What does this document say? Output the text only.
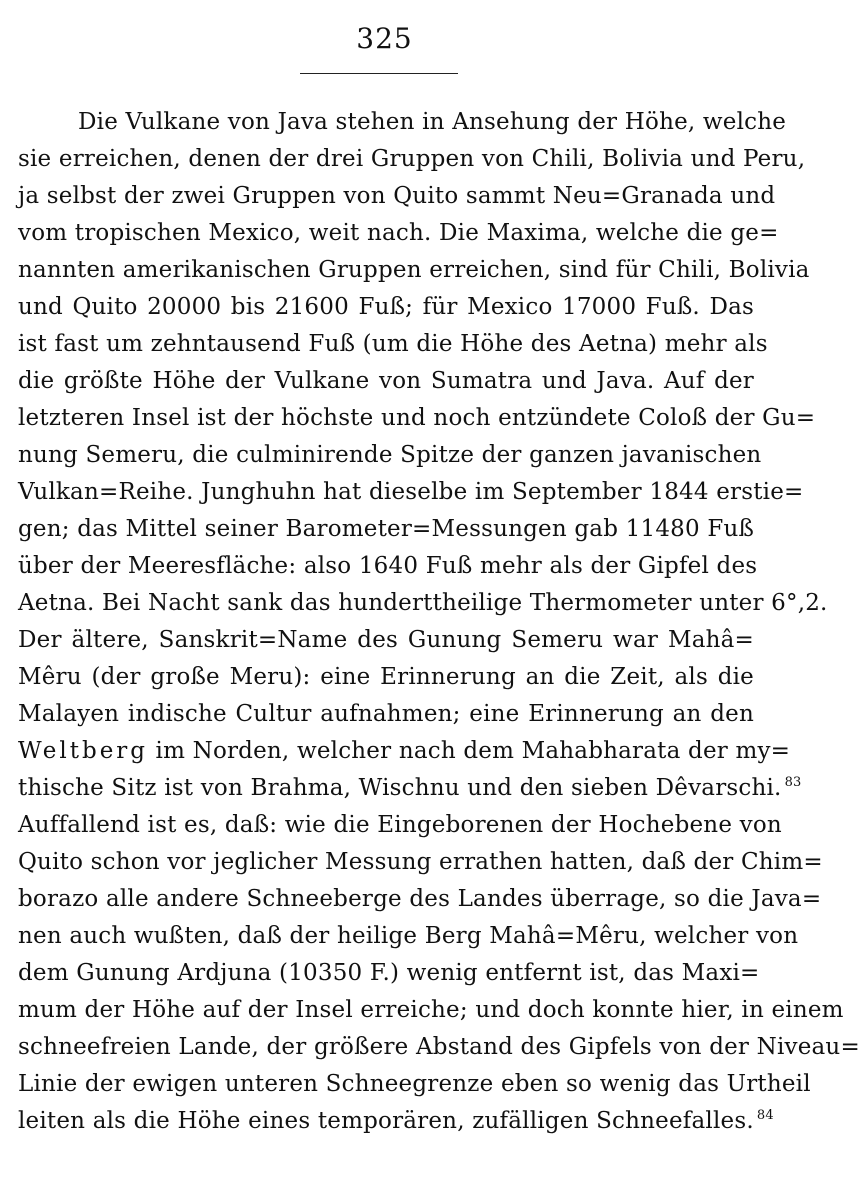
325
Die Vulkane von Java stehen in Ansehung der Höhe, welche
sie erreichen, denen der drei Gruppen von Chili, Bolivia und Peru,
ja selbst der zwei Gruppen von Quito sammt Neu=Granada und
vom tropischen Mexico, weit nach. Die Maxima, welche die ge=
nannten amerikanischen Gruppen erreichen, sind für Chili, Bolivia
und Quito 20000 bis 21600 Fuß; für Mexico 17000 Fuß. Das
ist fast um zehntausend Fuß (um die Höhe des Aetna) mehr als
die größte Höhe der Vulkane von Sumatra und Java. Auf der
letzteren Insel ist der höchste und noch entzündete Coloß der Gu=
nung Semeru, die culminirende Spitze der ganzen javanischen
Vulkan=Reihe. Junghuhn hat dieselbe im September 1844 erstie=
gen; das Mittel seiner Barometer=Messungen gab 11480 Fuß
über der Meeresfläche: also 1640 Fuß mehr als der Gipfel des
Aetna. Bei Nacht sank das hunderttheilige Thermometer unter 6°,2.
Der ältere, Sanskrit=Name des Gunung Semeru war Mahâ=
Mêru (der große Meru): eine Erinnerung an die Zeit, als die
Malayen indische Cultur aufnahmen; eine Erinnerung an den
Weltberg im Norden, welcher nach dem Mahabharata der my=
thische Sitz ist von Brahma, Wischnu und den sieben Dêvarschi. $^{83}$
Auffallend ist es, daß: wie die Eingeborenen der Hochebene von
Quito schon vor jeglicher Messung errathen hatten, daß der Chim=
borazo alle andere Schneeberge des Landes überrage, so die Java=
nen auch wußten, daß der heilige Berg Mahâ=Mêru, welcher von
dem Gunung Ardjuna (10350 F.) wenig entfernt ist, das Maxi=
mum der Höhe auf der Insel erreiche; und doch konnte hier, in einem
schneefreien Lande, der größere Abstand des Gipfels von der Niveau=
Linie der ewigen unteren Schneegrenze eben so wenig das Urtheil
leiten als die Höhe eines temporären, zufälligen Schneefalles. $^{84}$
